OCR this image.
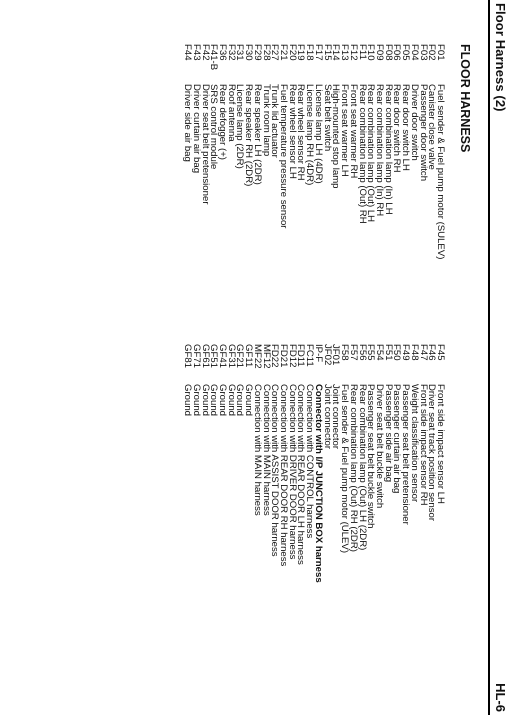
Floor Harness (2)
HL-6
FLOOR HARNESS
F01
Fuel sender & Fuel pump motor (SULEV)
F02
Canister close valve
F03
Passenger door switch
F04
Driver door switch
F05
Rear door switch LH
F06
Rear door switch RH
F08
Rear combination lamp (In) LH
F09
Rear combination lamp (In) RH
F10
Rear combination lamp (Out) LH
F11
Rear combination lamp (Out) RH
F12
Front seat warmer RH
F13
Front seat warmer LH
F14
High-mounted stop lamp
F15
Seat belt switch
F17
License lamp LH (4DR)
F18
License lamp RH (4DR)
F19
Rear wheel sensor RH
F20
Rear wheel sensor LH
F21
Fuel temperature pressure sensor
F27
Trunk lid actuator
F28
Trunk room lamp
F29
Rear speaker LH (2DR)
F30
Rear speaker RH (2DR)
F31
License lamp (2DR)
F32
Roof antenna
F36
Rear defogger (+)
F41-B
SRS control module
F42
Driver seat belt pretensioner
F43
Driver curtain air bag
F44
Driver side air bag
F45
Front side impact sensor LH
F46
Driver seat track position sensor
F47
Front side impact sensor RH
F48
Weight classification sensor
F49
Passenger seat belt pretensioner
F50
Passenger curtain air bag
F51
Passenger side air bag
F54
Driver seat belt buckle switch
F55
Passenger seat belt buckle switch
F56
Rear combination lamp (Out) LH (2DR)
F57
Rear combination lamp (Out) RH (2DR)
F58
Fuel sender & Fuel pump motor (ULEV)
JF01
Joint connector
JF02
Joint connector
IP-F
Connector with I/P JUNCTION BOX harness
FC11
Connection with CONTROL harness
FD11
Connection with REAR DOOR LH harness
FD12
Connection with DRIVER DOOR harness
FD21
Connection with REAR DOOR RH harness
FD22
Connection with ASSIST DOOR harness
MF12
Connection with MAIN harness
MF22
Connection with MAIN harness
GF11
Ground
GF21
Ground
GF31
Ground
GF41
Ground
GF51
Ground
GF61
Ground
GF71
Ground
GF81
Ground
